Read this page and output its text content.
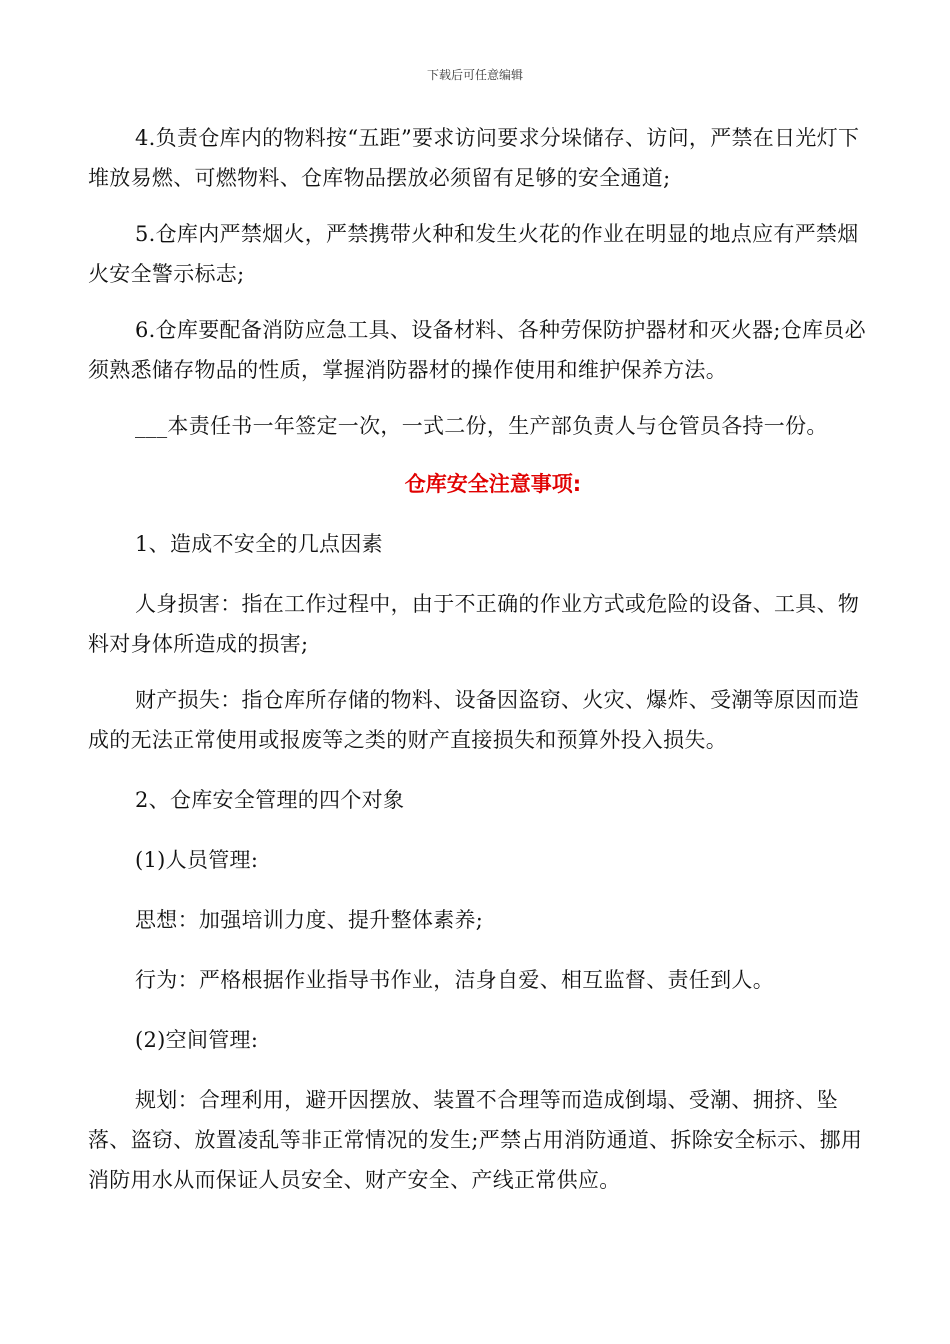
下载后可任意编辑

4.负责仓库内的物料按“五距”要求访问要求分垛储存、访问，严禁在日光灯下堆放易燃、可燃物料、仓库物品摆放必须留有足够的安全通道;

5.仓库内严禁烟火，严禁携带火种和发生火花的作业在明显的地点应有严禁烟火安全警示标志;

6.仓库要配备消防应急工具、设备材料、各种劳保防护器材和灭火器;仓库员必须熟悉储存物品的性质，掌握消防器材的操作使用和维护保养方法。

___本责任书一年签定一次，一式二份，生产部负责人与仓管员各持一份。

仓库安全注意事项:

1、造成不安全的几点因素

人身损害：指在工作过程中，由于不正确的作业方式或危险的设备、工具、物料对身体所造成的损害;

财产损失：指仓库所存储的物料、设备因盗窃、火灾、爆炸、受潮等原因而造成的无法正常使用或报废等之类的财产直接损失和预算外投入损失。

2、仓库安全管理的四个对象

(1)人员管理:

思想：加强培训力度、提升整体素养;

行为：严格根据作业指导书作业，洁身自爱、相互监督、责任到人。

(2)空间管理:

规划：合理利用，避开因摆放、装置不合理等而造成倒塌、受潮、拥挤、坠落、盗窃、放置凌乱等非正常情况的发生;严禁占用消防通道、拆除安全标示、挪用消防用水从而保证人员安全、财产安全、产线正常供应。
